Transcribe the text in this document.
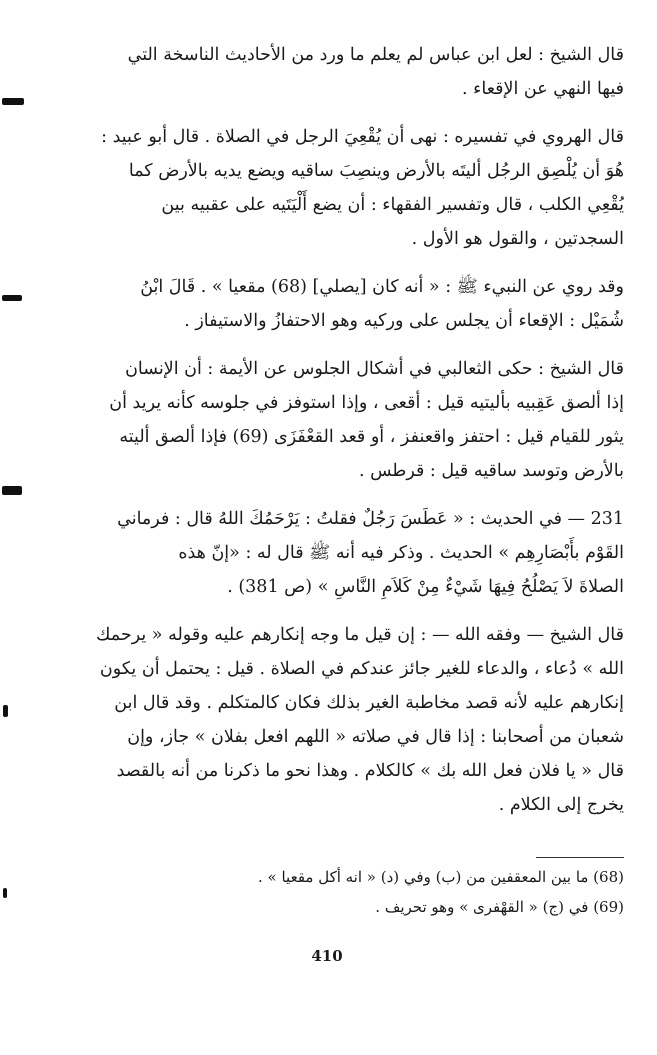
قال الشيخ : لعل ابن عباس لم يعلم ما ورد من الأحاديث الناسخة التي
فيها النهي عن الإقعاء .
قال الهروي في تفسيره : نهى أن يُقْعِيَ الرجل في الصلاة . قال أبو عبيد :
هُوَ أن يُلْصِق الرجُل أليتَه بالأرض وينصِبَ ساقيه ويضع يديه بالأرض كما
يُقْعِي الكلب ، قال وتفسير الفقهاء : أن يضع أَلْيَتَيه على عقبيه بين
السجدتين ، والقول هو الأول .
وقد روي عن النبيء ﷺ : « أنه كان [يصلي] (68) مقعيا » . قَالَ ابْنُ
شُمَيْل : الإقعاء أن يجلس على وركيه وهو الاحتفازُ والاستيفاز .
قال الشيخ : حكى الثعالبي في أشكال الجلوس عن الأيمة : أن الإنسان
إذا ألصق عَقِبيه بأليتيه قيل : أقعى ، وإذا استوفز في جلوسه كأنه يريد أن
يثور للقيام قيل : احتفز واقعنفز ، أو قعد القعْفَزَى (69) فإذا ألصق أليته
بالأرض وتوسد ساقيه قيل : قرطس .
231 — في الحديث : « عَطَسَ رَجُلٌ فقلتُ : يَرْحَمُكَ اللهُ قال : فرماني
القَوْم بأَبْصَارِهِم » الحديث . وذكر فيه أنه ﷺ قال له : «إنّ هذه
الصلاةَ لاَ يَصْلُحُ فِيهَا شَيْءٌ مِنْ كَلاَمِ النَّاسِ » (ص 381) .
قال الشيخ — وفقه الله — : إن قيل ما وجه إنكارهم عليه وقوله « يرحمك
الله » دُعاء ، والدعاء للغير جائز عندكم في الصلاة . قيل : يحتمل أن يكون
إنكارهم عليه لأنه قصد مخاطبة الغير بذلك فكان كالمتكلم . وقد قال ابن
شعبان من أصحابنا : إذا قال في صلاته « اللهم افعل بفلان » جاز، وإن
قال « يا فلان فعل الله بك » كالكلام . وهذا نحو ما ذكرنا من أنه بالقصد
يخرج إلى الكلام .
(68) ما بين المعقفين من (ب) وفي (د) « انه أكل مقعيا » .
(69) في (ج) « القهْفرى » وهو تحريف .
410
